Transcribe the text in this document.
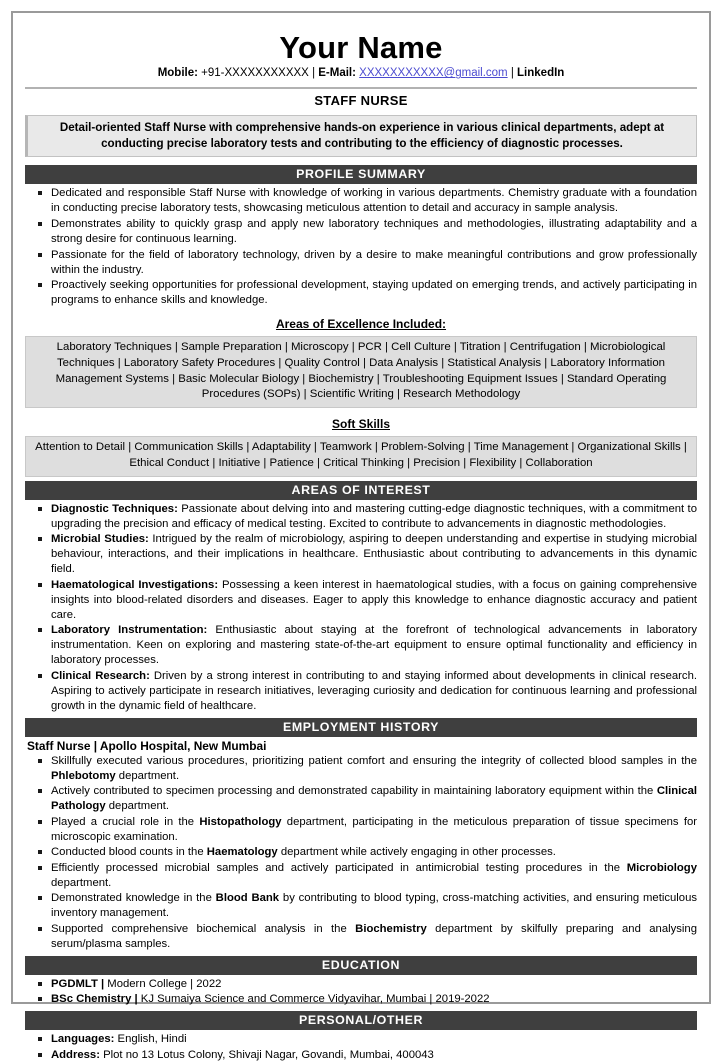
Your Name
Mobile: +91-XXXXXXXXXXX | E-Mail: XXXXXXXXXXX@gmail.com | LinkedIn
STAFF NURSE
Detail-oriented Staff Nurse with comprehensive hands-on experience in various clinical departments, adept at conducting precise laboratory tests and contributing to the efficiency of diagnostic processes.
PROFILE SUMMARY
Dedicated and responsible Staff Nurse with knowledge of working in various departments. Chemistry graduate with a foundation in conducting precise laboratory tests, showcasing meticulous attention to detail and accuracy in sample analysis.
Demonstrates ability to quickly grasp and apply new laboratory techniques and methodologies, illustrating adaptability and a strong desire for continuous learning.
Passionate for the field of laboratory technology, driven by a desire to make meaningful contributions and grow professionally within the industry.
Proactively seeking opportunities for professional development, staying updated on emerging trends, and actively participating in programs to enhance skills and knowledge.
Areas of Excellence Included:
Laboratory Techniques | Sample Preparation | Microscopy | PCR | Cell Culture | Titration | Centrifugation | Microbiological Techniques | Laboratory Safety Procedures | Quality Control | Data Analysis | Statistical Analysis | Laboratory Information Management Systems | Basic Molecular Biology | Biochemistry | Troubleshooting Equipment Issues | Standard Operating Procedures (SOPs) | Scientific Writing | Research Methodology
Soft Skills
Attention to Detail | Communication Skills | Adaptability | Teamwork | Problem-Solving | Time Management | Organizational Skills | Ethical Conduct | Initiative | Patience | Critical Thinking | Precision | Flexibility | Collaboration
AREAS OF INTEREST
Diagnostic Techniques: Passionate about delving into and mastering cutting-edge diagnostic techniques, with a commitment to upgrading the precision and efficacy of medical testing. Excited to contribute to advancements in diagnostic methodologies.
Microbial Studies: Intrigued by the realm of microbiology, aspiring to deepen understanding and expertise in studying microbial behaviour, interactions, and their implications in healthcare. Enthusiastic about contributing to advancements in this dynamic field.
Haematological Investigations: Possessing a keen interest in haematological studies, with a focus on gaining comprehensive insights into blood-related disorders and diseases. Eager to apply this knowledge to enhance diagnostic accuracy and patient care.
Laboratory Instrumentation: Enthusiastic about staying at the forefront of technological advancements in laboratory instrumentation. Keen on exploring and mastering state-of-the-art equipment to ensure optimal functionality and efficiency in laboratory processes.
Clinical Research: Driven by a strong interest in contributing to and staying informed about developments in clinical research. Aspiring to actively participate in research initiatives, leveraging curiosity and dedication for continuous learning and professional growth in the dynamic field of healthcare.
EMPLOYMENT HISTORY
Staff Nurse | Apollo Hospital, New Mumbai
Skillfully executed various procedures, prioritizing patient comfort and ensuring the integrity of collected blood samples in the Phlebotomy department.
Actively contributed to specimen processing and demonstrated capability in maintaining laboratory equipment within the Clinical Pathology department.
Played a crucial role in the Histopathology department, participating in the meticulous preparation of tissue specimens for microscopic examination.
Conducted blood counts in the Haematology department while actively engaging in other processes.
Efficiently processed microbial samples and actively participated in antimicrobial testing procedures in the Microbiology department.
Demonstrated knowledge in the Blood Bank by contributing to blood typing, cross-matching activities, and ensuring meticulous inventory management.
Supported comprehensive biochemical analysis in the Biochemistry department by skilfully preparing and analysing serum/plasma samples.
EDUCATION
PGDMLT | Modern College | 2022
BSc Chemistry | KJ Sumaiya Science and Commerce Vidyavihar, Mumbai | 2019-2022
PERSONAL/OTHER
Languages: English, Hindi
Address: Plot no 13 Lotus Colony, Shivaji Nagar, Govandi, Mumbai, 400043
